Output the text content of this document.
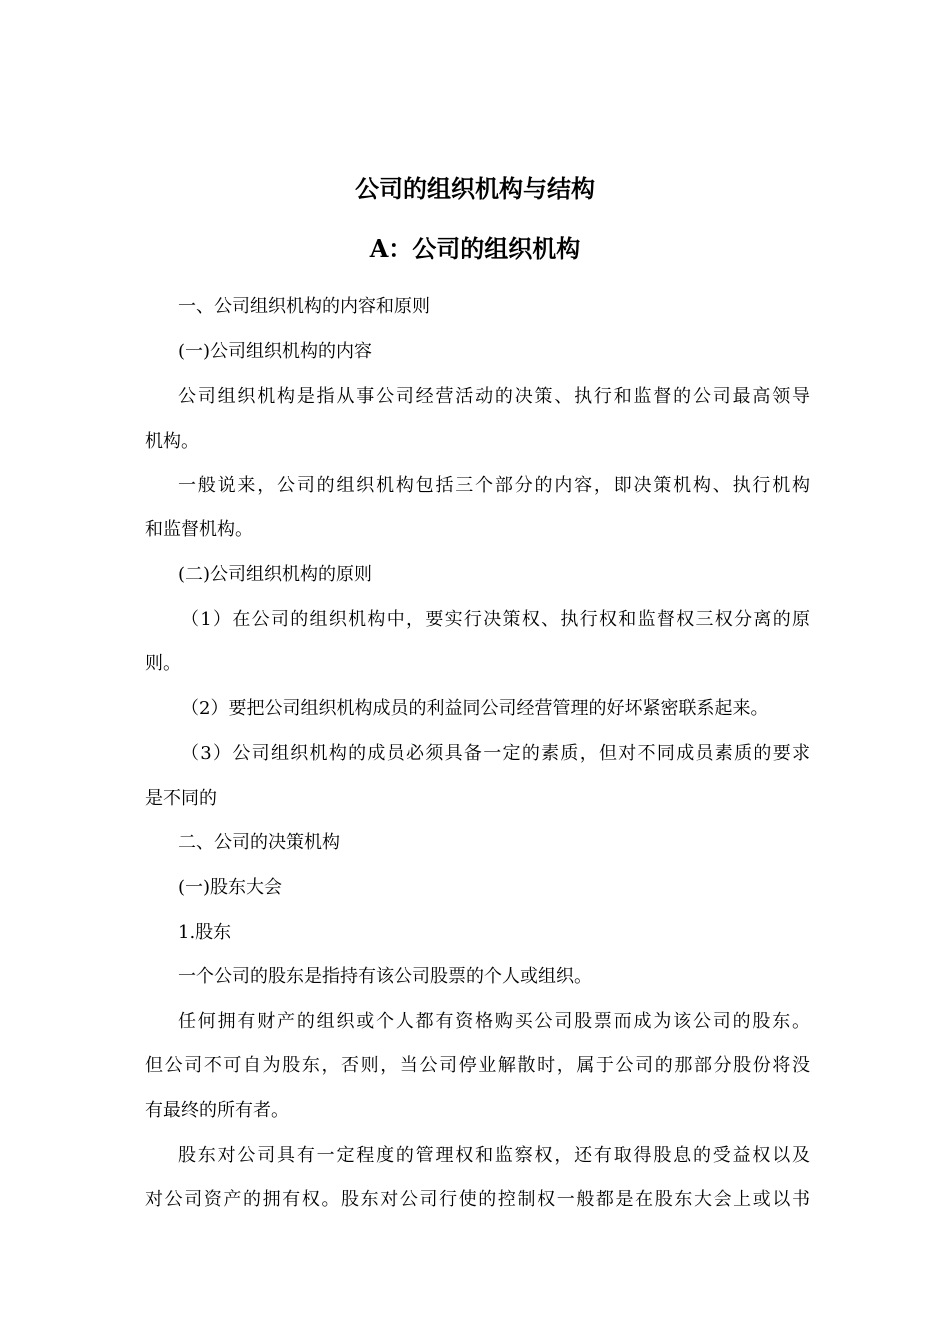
公司的组织机构与结构
A：公司的组织机构
一、公司组织机构的内容和原则
(一)公司组织机构的内容
公司组织机构是指从事公司经营活动的决策、执行和监督的公司最高领导
机构。
一般说来，公司的组织机构包括三个部分的内容，即决策机构、执行机构
和监督机构。
(二)公司组织机构的原则
（1）在公司的组织机构中，要实行决策权、执行权和监督权三权分离的原
则。
（2）要把公司组织机构成员的利益同公司经营管理的好坏紧密联系起来。
（3）公司组织机构的成员必须具备一定的素质，但对不同成员素质的要求
是不同的
二、公司的决策机构
(一)股东大会
1.股东
一个公司的股东是指持有该公司股票的个人或组织。
任何拥有财产的组织或个人都有资格购买公司股票而成为该公司的股东。
但公司不可自为股东，否则，当公司停业解散时，属于公司的那部分股份将没
有最终的所有者。
股东对公司具有一定程度的管理权和监察权，还有取得股息的受益权以及
对公司资产的拥有权。股东对公司行使的控制权一般都是在股东大会上或以书
